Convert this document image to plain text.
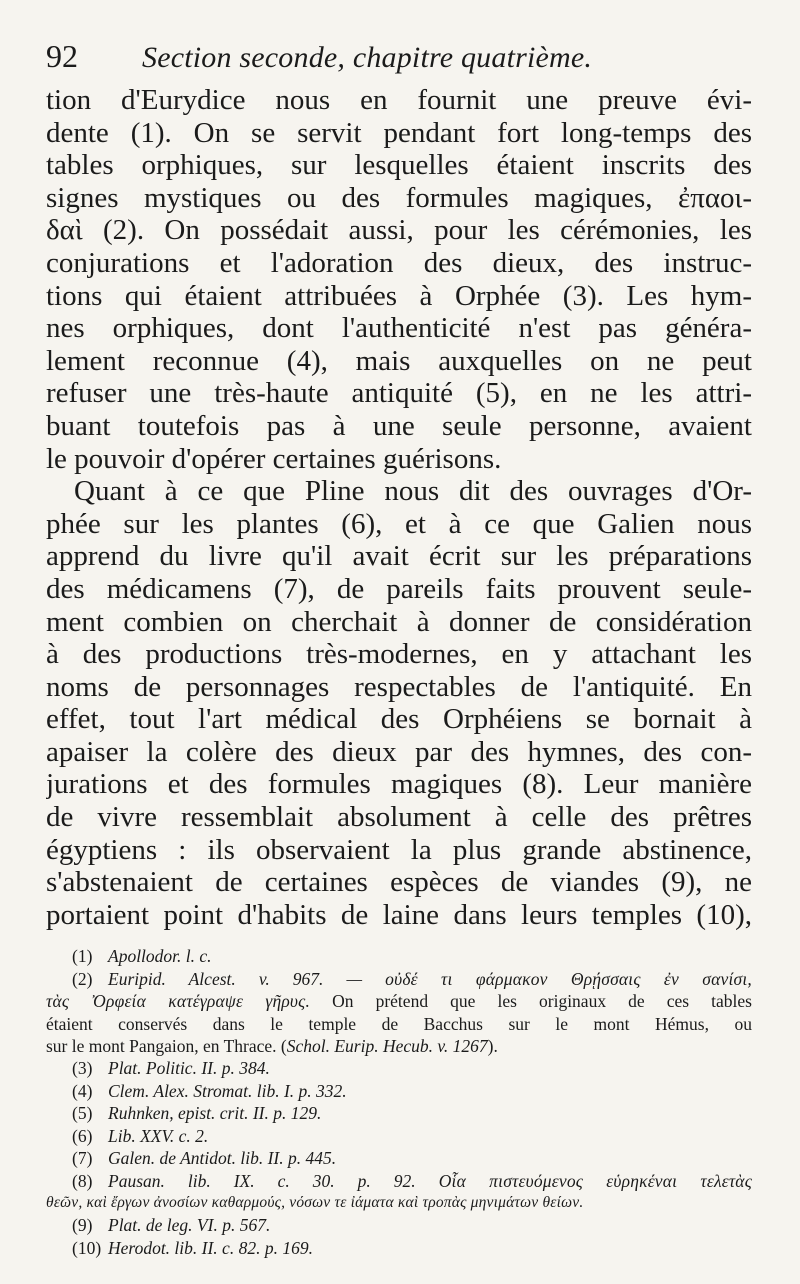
92	Section seconde, chapitre quatrième.
tion d'Eurydice nous en fournit une preuve évi-
dente (1). On se servit pendant fort long-temps des
tables orphiques, sur lesquelles étaient inscrits des
signes mystiques ou des formules magiques, ἐπαοι-
δαὶ (2). On possédait aussi, pour les cérémonies, les
conjurations et l'adoration des dieux, des instruc-
tions qui étaient attribuées à Orphée (3). Les hym-
nes orphiques, dont l'authenticité n'est pas généra-
lement reconnue (4), mais auxquelles on ne peut
refuser une très-haute antiquité (5), en ne les attri-
buant toutefois pas à une seule personne, avaient
le pouvoir d'opérer certaines guérisons.
Quant à ce que Pline nous dit des ouvrages d'Or-
phée sur les plantes (6), et à ce que Galien nous
apprend du livre qu'il avait écrit sur les préparations
des médicamens (7), de pareils faits prouvent seule-
ment combien on cherchait à donner de considération
à des productions très-modernes, en y attachant les
noms de personnages respectables de l'antiquité. En
effet, tout l'art médical des Orphéiens se bornait à
apaiser la colère des dieux par des hymnes, des con-
jurations et des formules magiques (8). Leur manière
de vivre ressemblait absolument à celle des prêtres
égyptiens : ils observaient la plus grande abstinence,
s'abstenaient de certaines espèces de viandes (9), ne
portaient point d'habits de laine dans leurs temples (10),
(1) Apollodor. l. c.
(2) Euripid. Alcest. v. 967. — οὐδέ τι φάρμακον Θρῄσσαις ἐν σανίσι,
τὰς Ὀρφεία κατέγραψε γῆρυς. On prétend que les originaux de ces tables
étaient conservés dans le temple de Bacchus sur le mont Hémus, ou
sur le mont Pangaion, en Thrace. (Schol. Eurip. Hecub. v. 1267).
(3) Plat. Politic. II. p. 384.
(4) Clem. Alex. Stromat. lib. I. p. 332.
(5) Ruhnken, epist. crit. II. p. 129.
(6) Lib. XXV. c. 2.
(7) Galen. de Antidot. lib. II. p. 445.
(8) Pausan. lib. IX. c. 30. p. 92. Οἷα πιστευόμενος εὑρηκέναι τελετὰς
θεῶν, καὶ ἔργων ἀνοσίων καθαρμούς, νόσων τε ἰάματα καὶ τροπὰς μηνιμάτων θείων.
(9) Plat. de leg. VI. p. 567.
(10) Herodot. lib. II. c. 82. p. 169.
